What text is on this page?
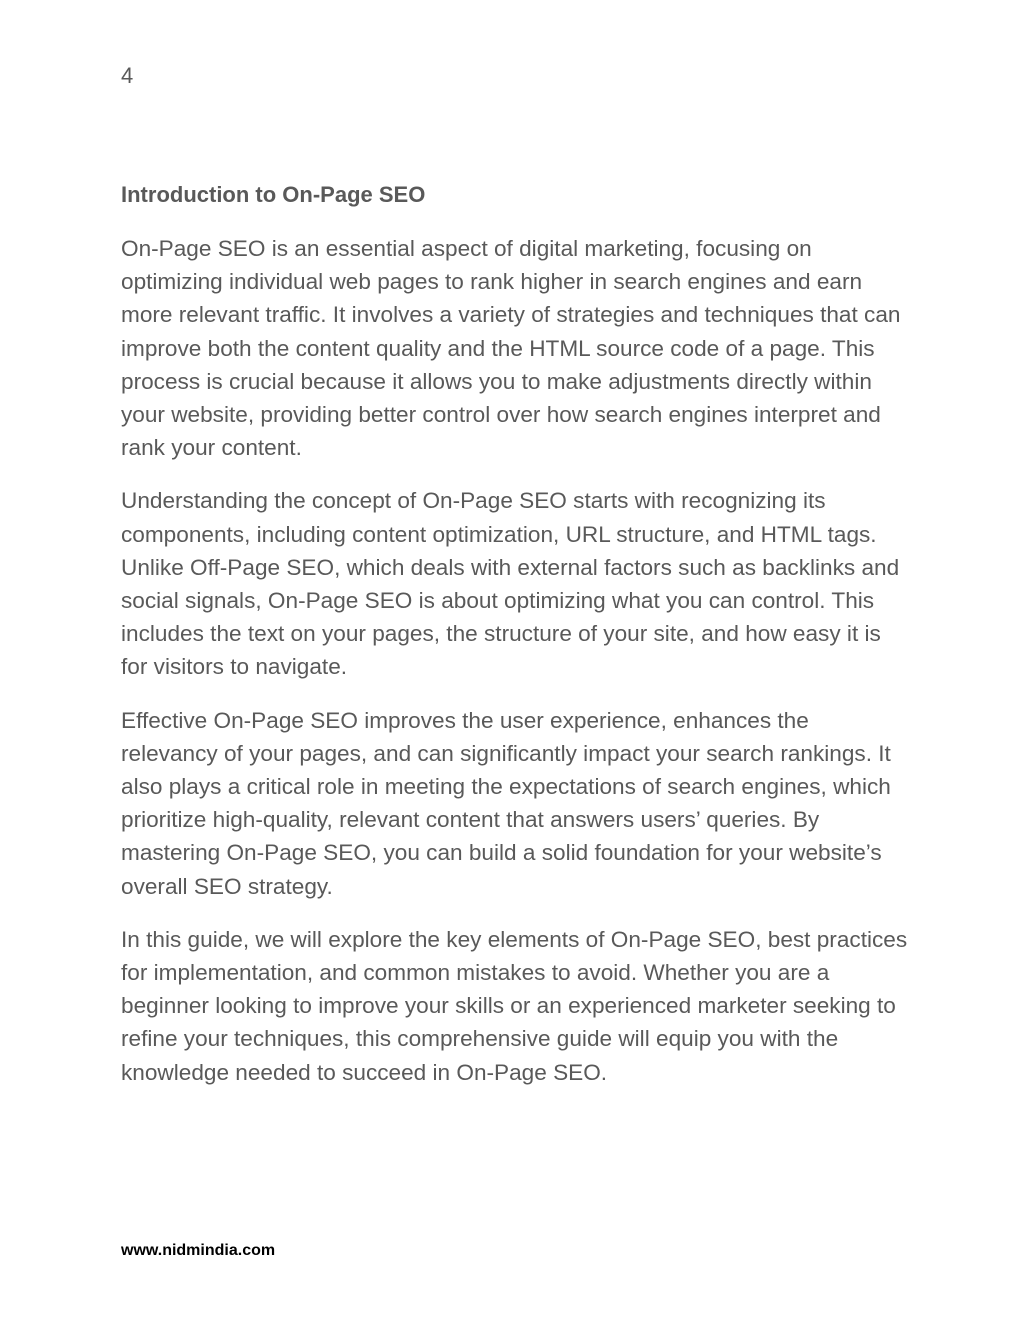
4
Introduction to On-Page SEO

On-Page SEO is an essential aspect of digital marketing, focusing on optimizing individual web pages to rank higher in search engines and earn more relevant traffic. It involves a variety of strategies and techniques that can improve both the content quality and the HTML source code of a page. This process is crucial because it allows you to make adjustments directly within your website, providing better control over how search engines interpret and rank your content.

Understanding the concept of On-Page SEO starts with recognizing its components, including content optimization, URL structure, and HTML tags. Unlike Off-Page SEO, which deals with external factors such as backlinks and social signals, On-Page SEO is about optimizing what you can control. This includes the text on your pages, the structure of your site, and how easy it is for visitors to navigate.

Effective On-Page SEO improves the user experience, enhances the relevancy of your pages, and can significantly impact your search rankings. It also plays a critical role in meeting the expectations of search engines, which prioritize high-quality, relevant content that answers users’ queries. By mastering On-Page SEO, you can build a solid foundation for your website’s overall SEO strategy.

In this guide, we will explore the key elements of On-Page SEO, best practices for implementation, and common mistakes to avoid. Whether you are a beginner looking to improve your skills or an experienced marketer seeking to refine your techniques, this comprehensive guide will equip you with the knowledge needed to succeed in On-Page SEO.

www.nidmindia.com
